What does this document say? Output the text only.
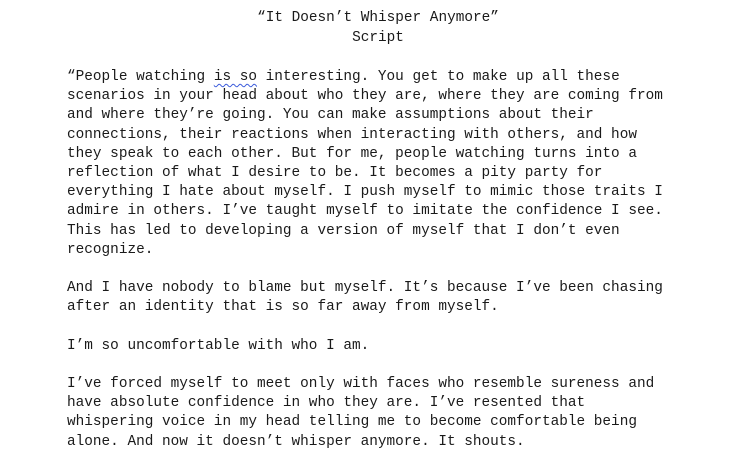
“It Doesn’t Whisper Anymore”
Script
“People watching is so interesting. You get to make up all these
scenarios in your head about who they are, where they are coming from
and where they’re going. You can make assumptions about their
connections, their reactions when interacting with others, and how
they speak to each other. But for me, people watching turns into a
reflection of what I desire to be. It becomes a pity party for
everything I hate about myself. I push myself to mimic those traits I
admire in others. I’ve taught myself to imitate the confidence I see.
This has led to developing a version of myself that I don’t even
recognize.
And I have nobody to blame but myself. It’s because I’ve been chasing
after an identity that is so far away from myself.
I’m so uncomfortable with who I am.
I’ve forced myself to meet only with faces who resemble sureness and
have absolute confidence in who they are. I’ve resented that
whispering voice in my head telling me to become comfortable being
alone. And now it doesn’t whisper anymore. It shouts.
